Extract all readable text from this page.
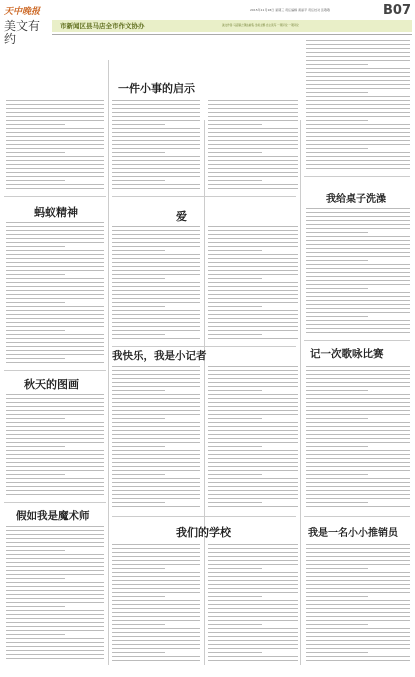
天中晚报
美文有约
2015年11月18日 星期三 责任编辑 黄丽平 责任校对 张敬敬	B07
市新闻区县马店全市作文协办	美文作者·马店镇之驿站前集·当前主题·自主读写·一项评论 一项评论
一件小事的启示
蚂蚁精神	爱
我给桌子洗澡
秋天的图画
我快乐，我是小记者	记一次歌咏比赛
假如我是魔术师
我们的学校	我是一名小小推销员
